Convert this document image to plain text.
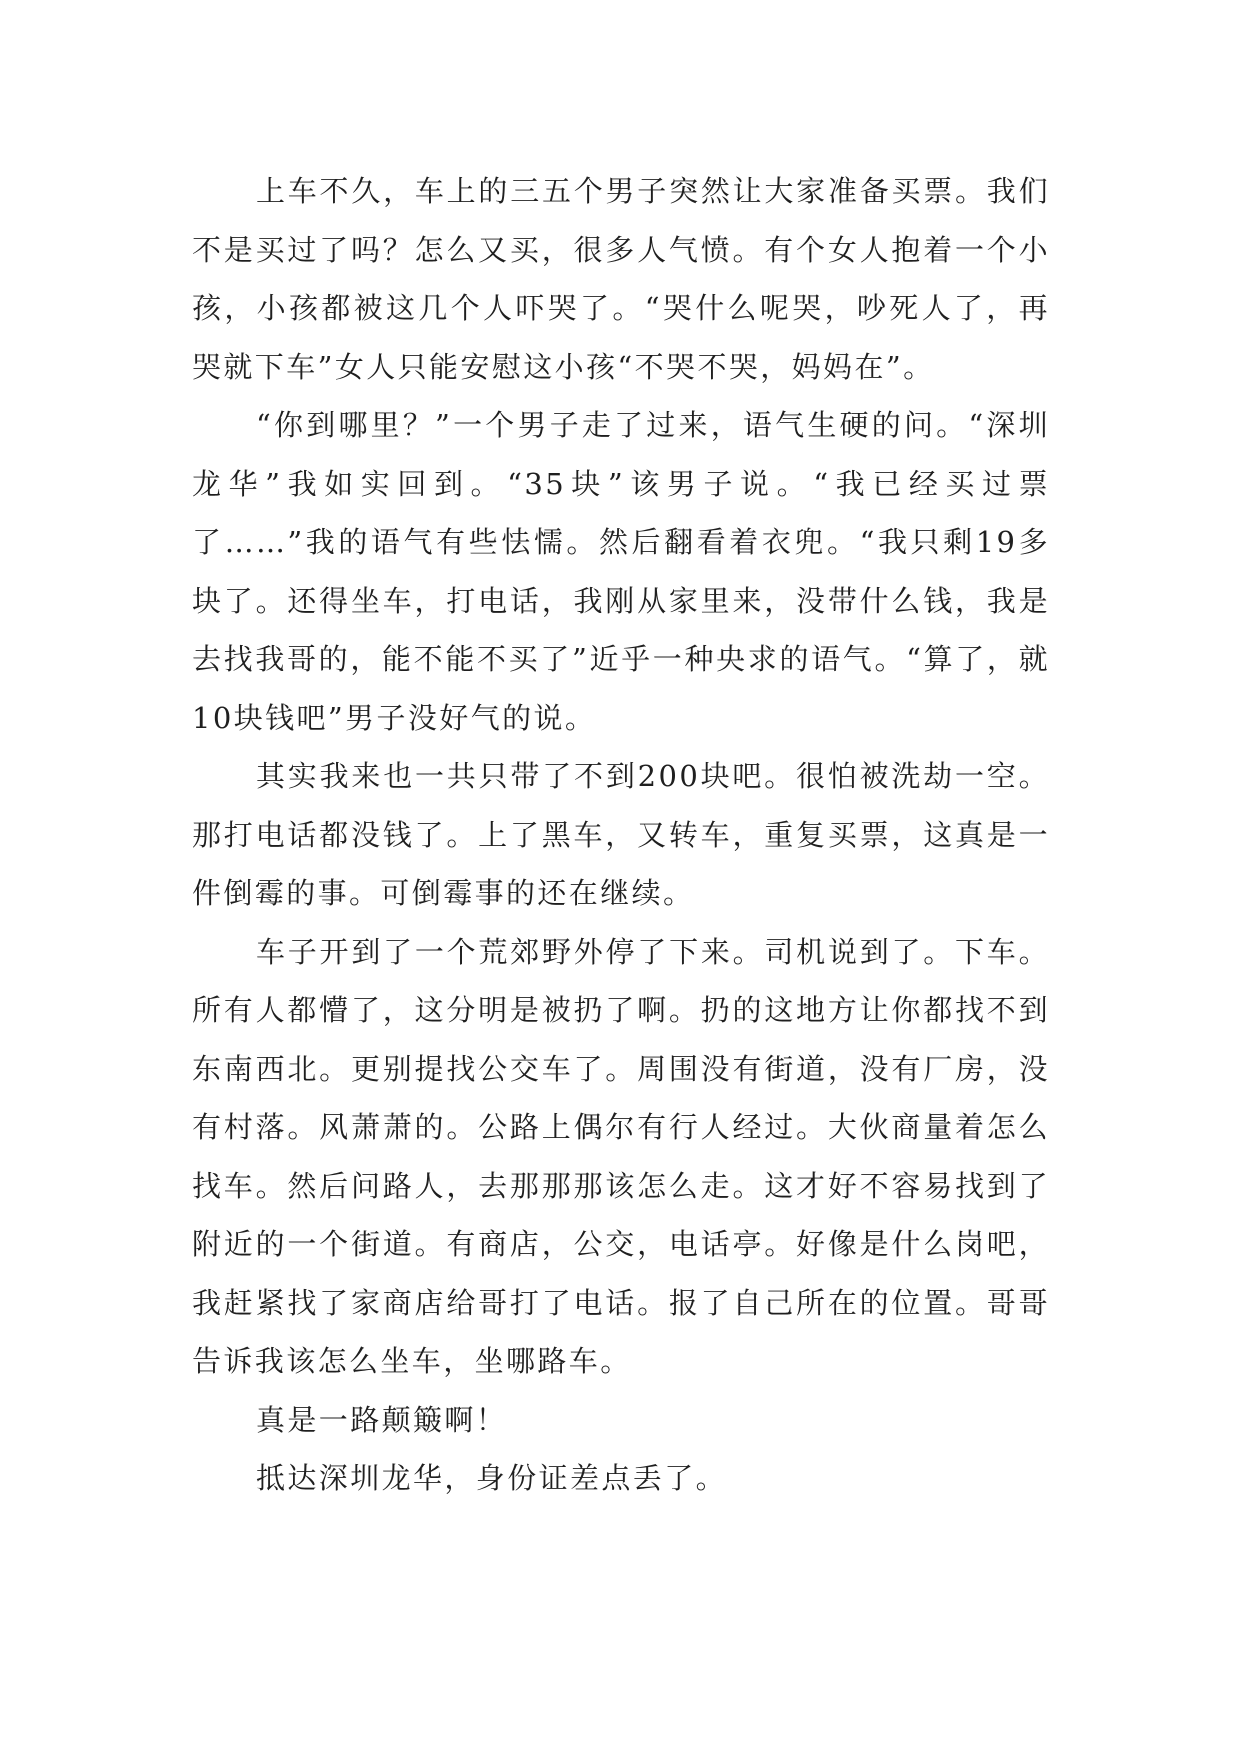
上车不久，车上的三五个男子突然让大家准备买票。我们不是买过了吗？怎么又买，很多人气愤。有个女人抱着一个小孩，小孩都被这几个人吓哭了。“哭什么呢哭，吵死人了，再哭就下车”女人只能安慰这小孩“不哭不哭，妈妈在”。

“你到哪里？”一个男子走了过来，语气生硬的问。“深圳龙华”我如实回到。“35块”该男子说。“我已经买过票了……”我的语气有些怯懦。然后翻看着衣兜。“我只剩19多块了。还得坐车，打电话，我刚从家里来，没带什么钱，我是去找我哥的，能不能不买了”近乎一种央求的语气。“算了，就10块钱吧”男子没好气的说。

其实我来也一共只带了不到200块吧。很怕被洗劫一空。那打电话都没钱了。上了黑车，又转车，重复买票，这真是一件倒霉的事。可倒霉事的还在继续。

车子开到了一个荒郊野外停了下来。司机说到了。下车。所有人都懵了，这分明是被扔了啊。扔的这地方让你都找不到东南西北。更别提找公交车了。周围没有街道，没有厂房，没有村落。风萧萧的。公路上偶尔有行人经过。大伙商量着怎么找车。然后问路人，去那那那该怎么走。这才好不容易找到了附近的一个街道。有商店，公交，电话亭。好像是什么岗吧，我赶紧找了家商店给哥打了电话。报了自己所在的位置。哥哥告诉我该怎么坐车，坐哪路车。

真是一路颠簸啊！

抵达深圳龙华，身份证差点丢了。
